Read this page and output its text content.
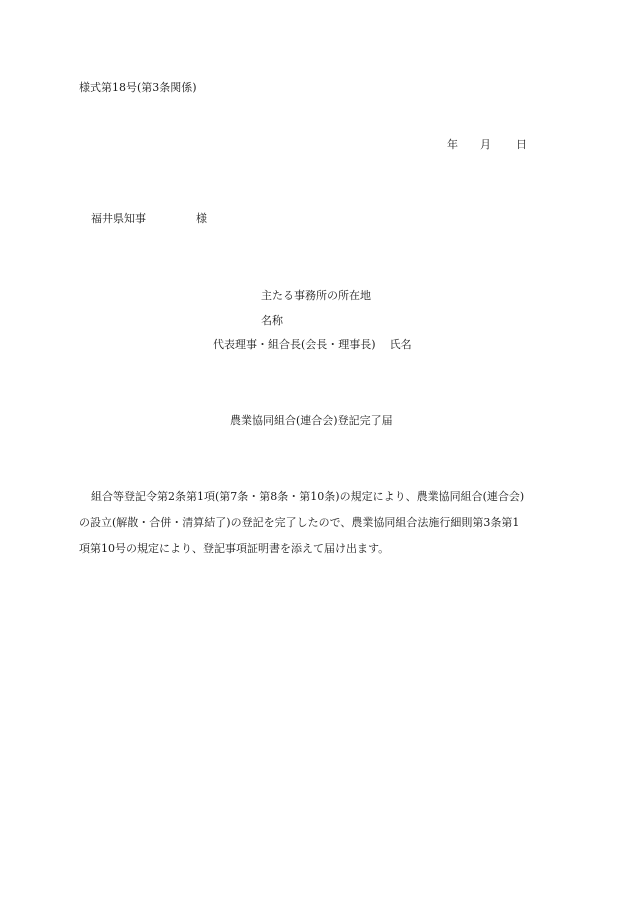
様式第18号(第3条関係)
年 月 日
福井県知事	様
主たる事務所の所在地
名称
代表理事・組合長(会長・理事長) 氏名
農業協同組合(連合会)登記完了届
組合等登記令第2条第1項(第7条・第8条・第10条)の規定により、農業協同組合(連合会)
の設立(解散・合併・清算結了)の登記を完了したので、農業協同組合法施行細則第3条第1
項第10号の規定により、登記事項証明書を添えて届け出ます。
